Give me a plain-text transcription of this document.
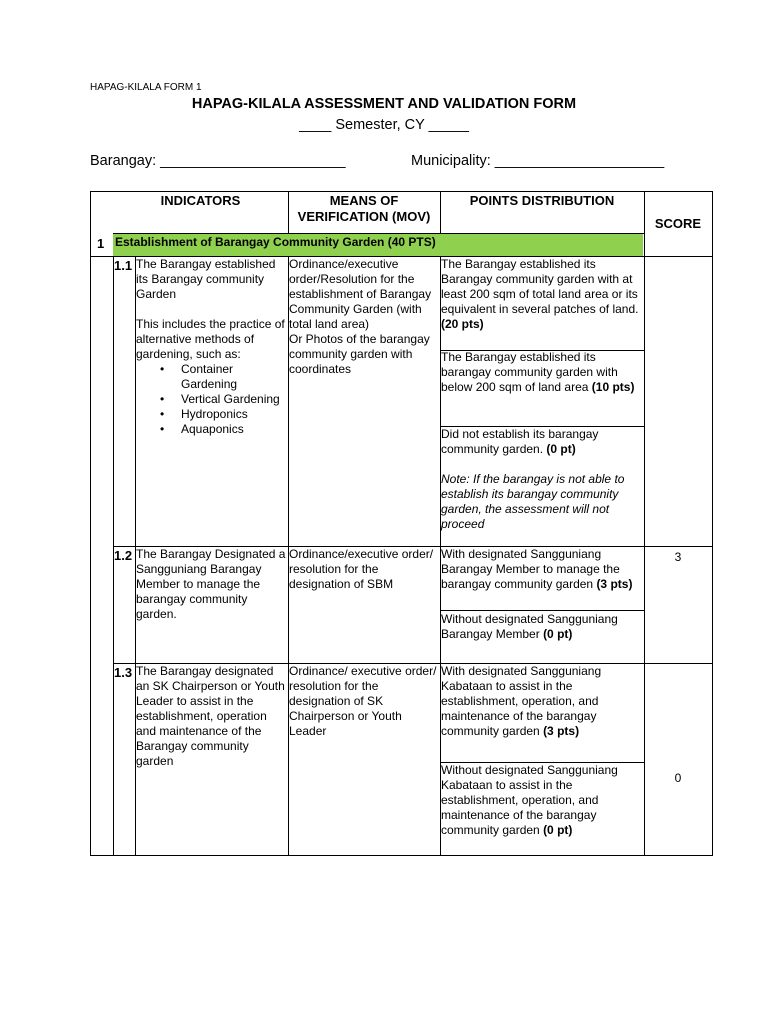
HAPAG-KILALA FORM 1
HAPAG-KILALA ASSESSMENT AND VALIDATION FORM
____ Semester, CY _____
Barangay: _______________________	Municipality: _____________________
INDICATORS	MEANS OF VERIFICATION (MOV)
POINTS DISTRIBUTION
SCORE
1 Establishment of Barangay Community Garden (40 PTS)
1.1 The Barangay established its Barangay community Garden
This includes the practice of alternative methods of gardening, such as:
• Container Gardening
• Vertical Gardening
• Hydroponics
• Aquaponics
Ordinance/executive order/Resolution for the establishment of Barangay Community Garden (with total land area)
Or Photos of the barangay community garden with coordinates
The Barangay established its Barangay community garden with at least 200 sqm of total land area or its equivalent in several patches of land. (20 pts)
The Barangay established its barangay community garden with below 200 sqm of land area (10 pts)
Did not establish its barangay community garden. (0 pt)
Note: If the barangay is not able to establish its barangay community garden, the assessment will not proceed
1.2 The Barangay Designated a Sangguniang Barangay Member to manage the barangay community garden.
Ordinance/executive order/ resolution for the designation of SBM
With designated Sangguniang Barangay Member to manage the barangay community garden (3 pts)
Without designated Sangguniang Barangay Member (0 pt)
3
1.3 The Barangay designated an SK Chairperson or Youth Leader to assist in the establishment, operation and maintenance of the Barangay community garden
Ordinance/ executive order/ resolution for the designation of SK Chairperson or Youth Leader
With designated Sangguniang Kabataan to assist in the establishment, operation, and maintenance of the barangay community garden (3 pts)
Without designated Sangguniang Kabataan to assist in the establishment, operation, and maintenance of the barangay community garden (0 pt)
0
